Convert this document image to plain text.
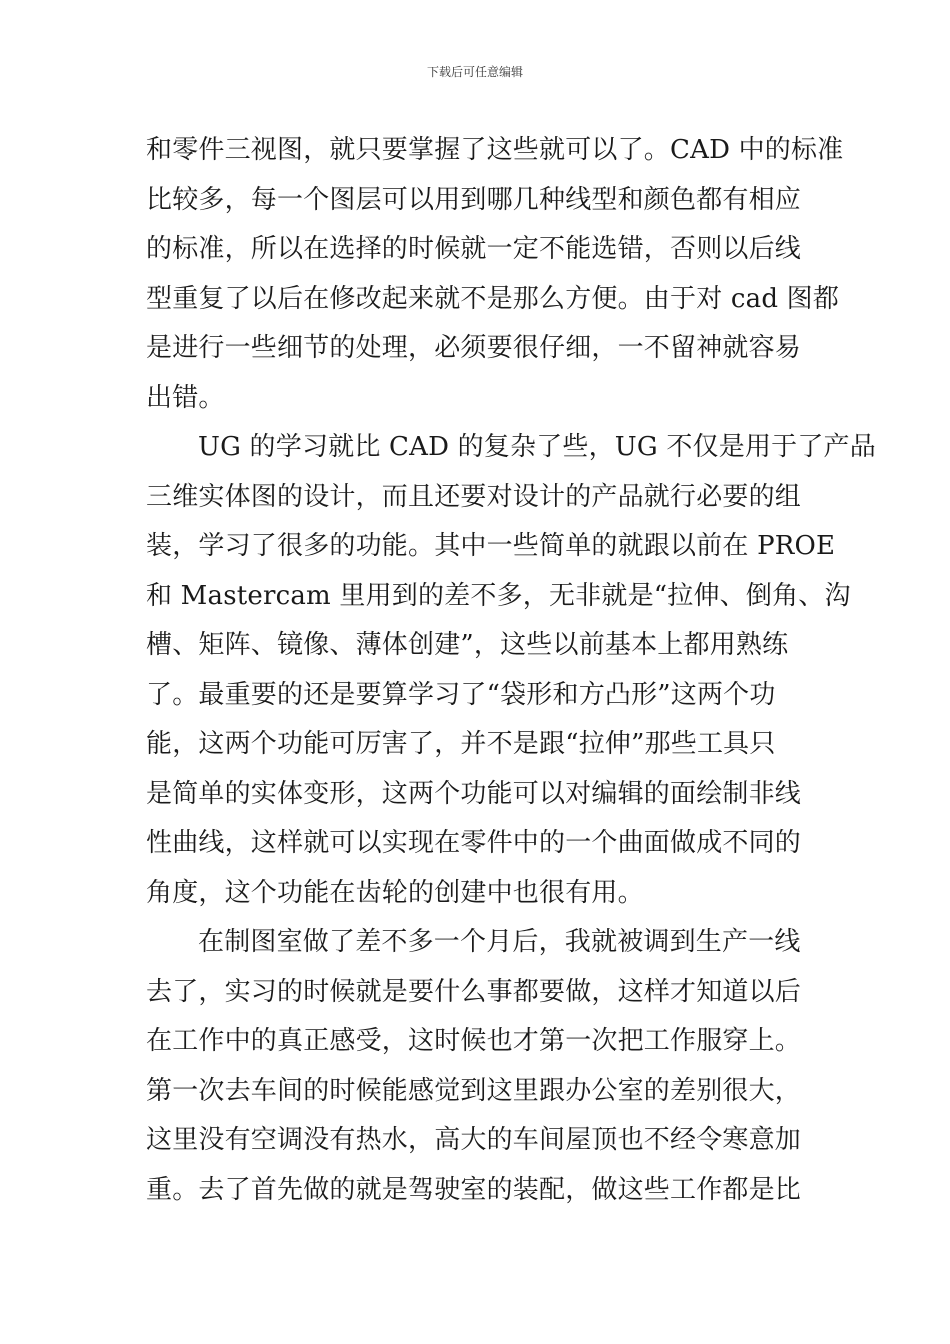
下载后可任意编辑
和零件三视图，就只要掌握了这些就可以了。CAD 中的标准
比较多，每一个图层可以用到哪几种线型和颜色都有相应
的标准，所以在选择的时候就一定不能选错，否则以后线
型重复了以后在修改起来就不是那么方便。由于对 cad 图都
是进行一些细节的处理，必须要很仔细，一不留神就容易
出错。
UG 的学习就比 CAD 的复杂了些，UG 不仅是用于了产品
三维实体图的设计，而且还要对设计的产品就行必要的组
装，学习了很多的功能。其中一些简单的就跟以前在 PROE
和 Mastercam 里用到的差不多，无非就是“拉伸、倒角、沟
槽、矩阵、镜像、薄体创建”，这些以前基本上都用熟练
了。最重要的还是要算学习了“袋形和方凸形”这两个功
能，这两个功能可厉害了，并不是跟“拉伸”那些工具只
是简单的实体变形，这两个功能可以对编辑的面绘制非线
性曲线，这样就可以实现在零件中的一个曲面做成不同的
角度，这个功能在齿轮的创建中也很有用。
在制图室做了差不多一个月后，我就被调到生产一线
去了，实习的时候就是要什么事都要做，这样才知道以后
在工作中的真正感受，这时候也才第一次把工作服穿上。
第一次去车间的时候能感觉到这里跟办公室的差别很大，
这里没有空调没有热水，高大的车间屋顶也不经令寒意加
重。去了首先做的就是驾驶室的装配，做这些工作都是比
